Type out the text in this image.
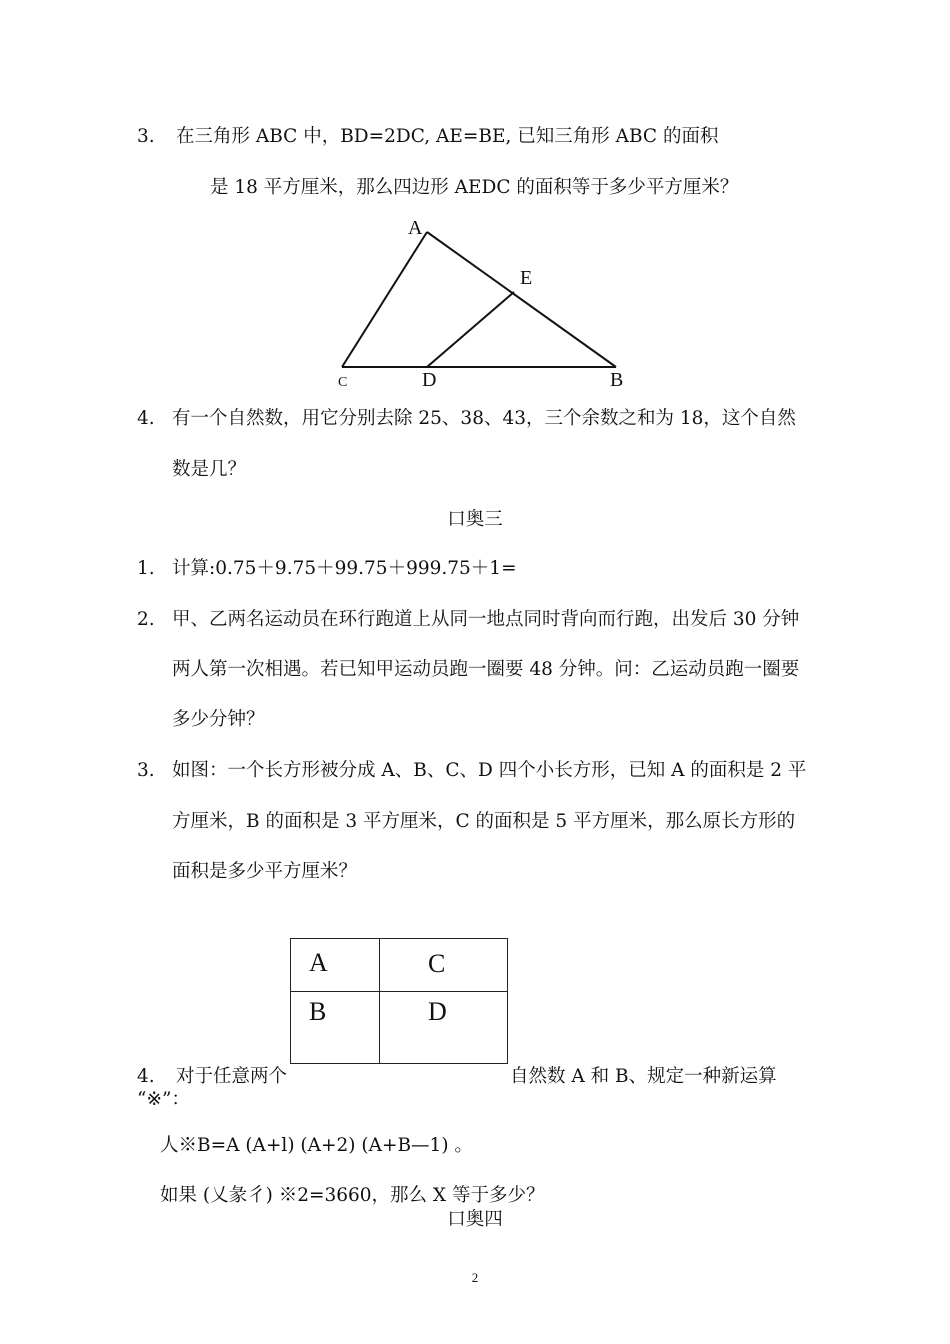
3. 在三角形 ABC 中，BD=2DC, AE=BE, 已知三角形 ABC 的面积
是 18 平方厘米，那么四边形 AEDC 的面积等于多少平方厘米？
A
E
D
C	B
4. 有一个自然数，用它分别去除 25、38、43，三个余数之和为 18，这个自然
数是几？
口奥三
1. 计算:0.75＋9.75＋99.75＋999.75＋1=
2. 甲、乙两名运动员在环行跑道上从同一地点同时背向而行跑，出发后 30 分钟
两人第一次相遇。若已知甲运动员跑一圈要 48 分钟。问：乙运动员跑一圈要
多少分钟？
3. 如图：一个长方形被分成 A、B、C、D 四个小长方形，已知 A 的面积是 2 平
方厘米，B 的面积是 3 平方厘米，C 的面积是 5 平方厘米，那么原长方形的
面积是多少平方厘米？
A	C
B	D
4. 对于任意两个	自然数 A 和 B、规定一种新运算
“※”：
人※B=A (A+l) (A+2) (A+B—1) 。
如果 (乂彖彳) ※2=3660，那么 X 等于多少？
口奥四
2
